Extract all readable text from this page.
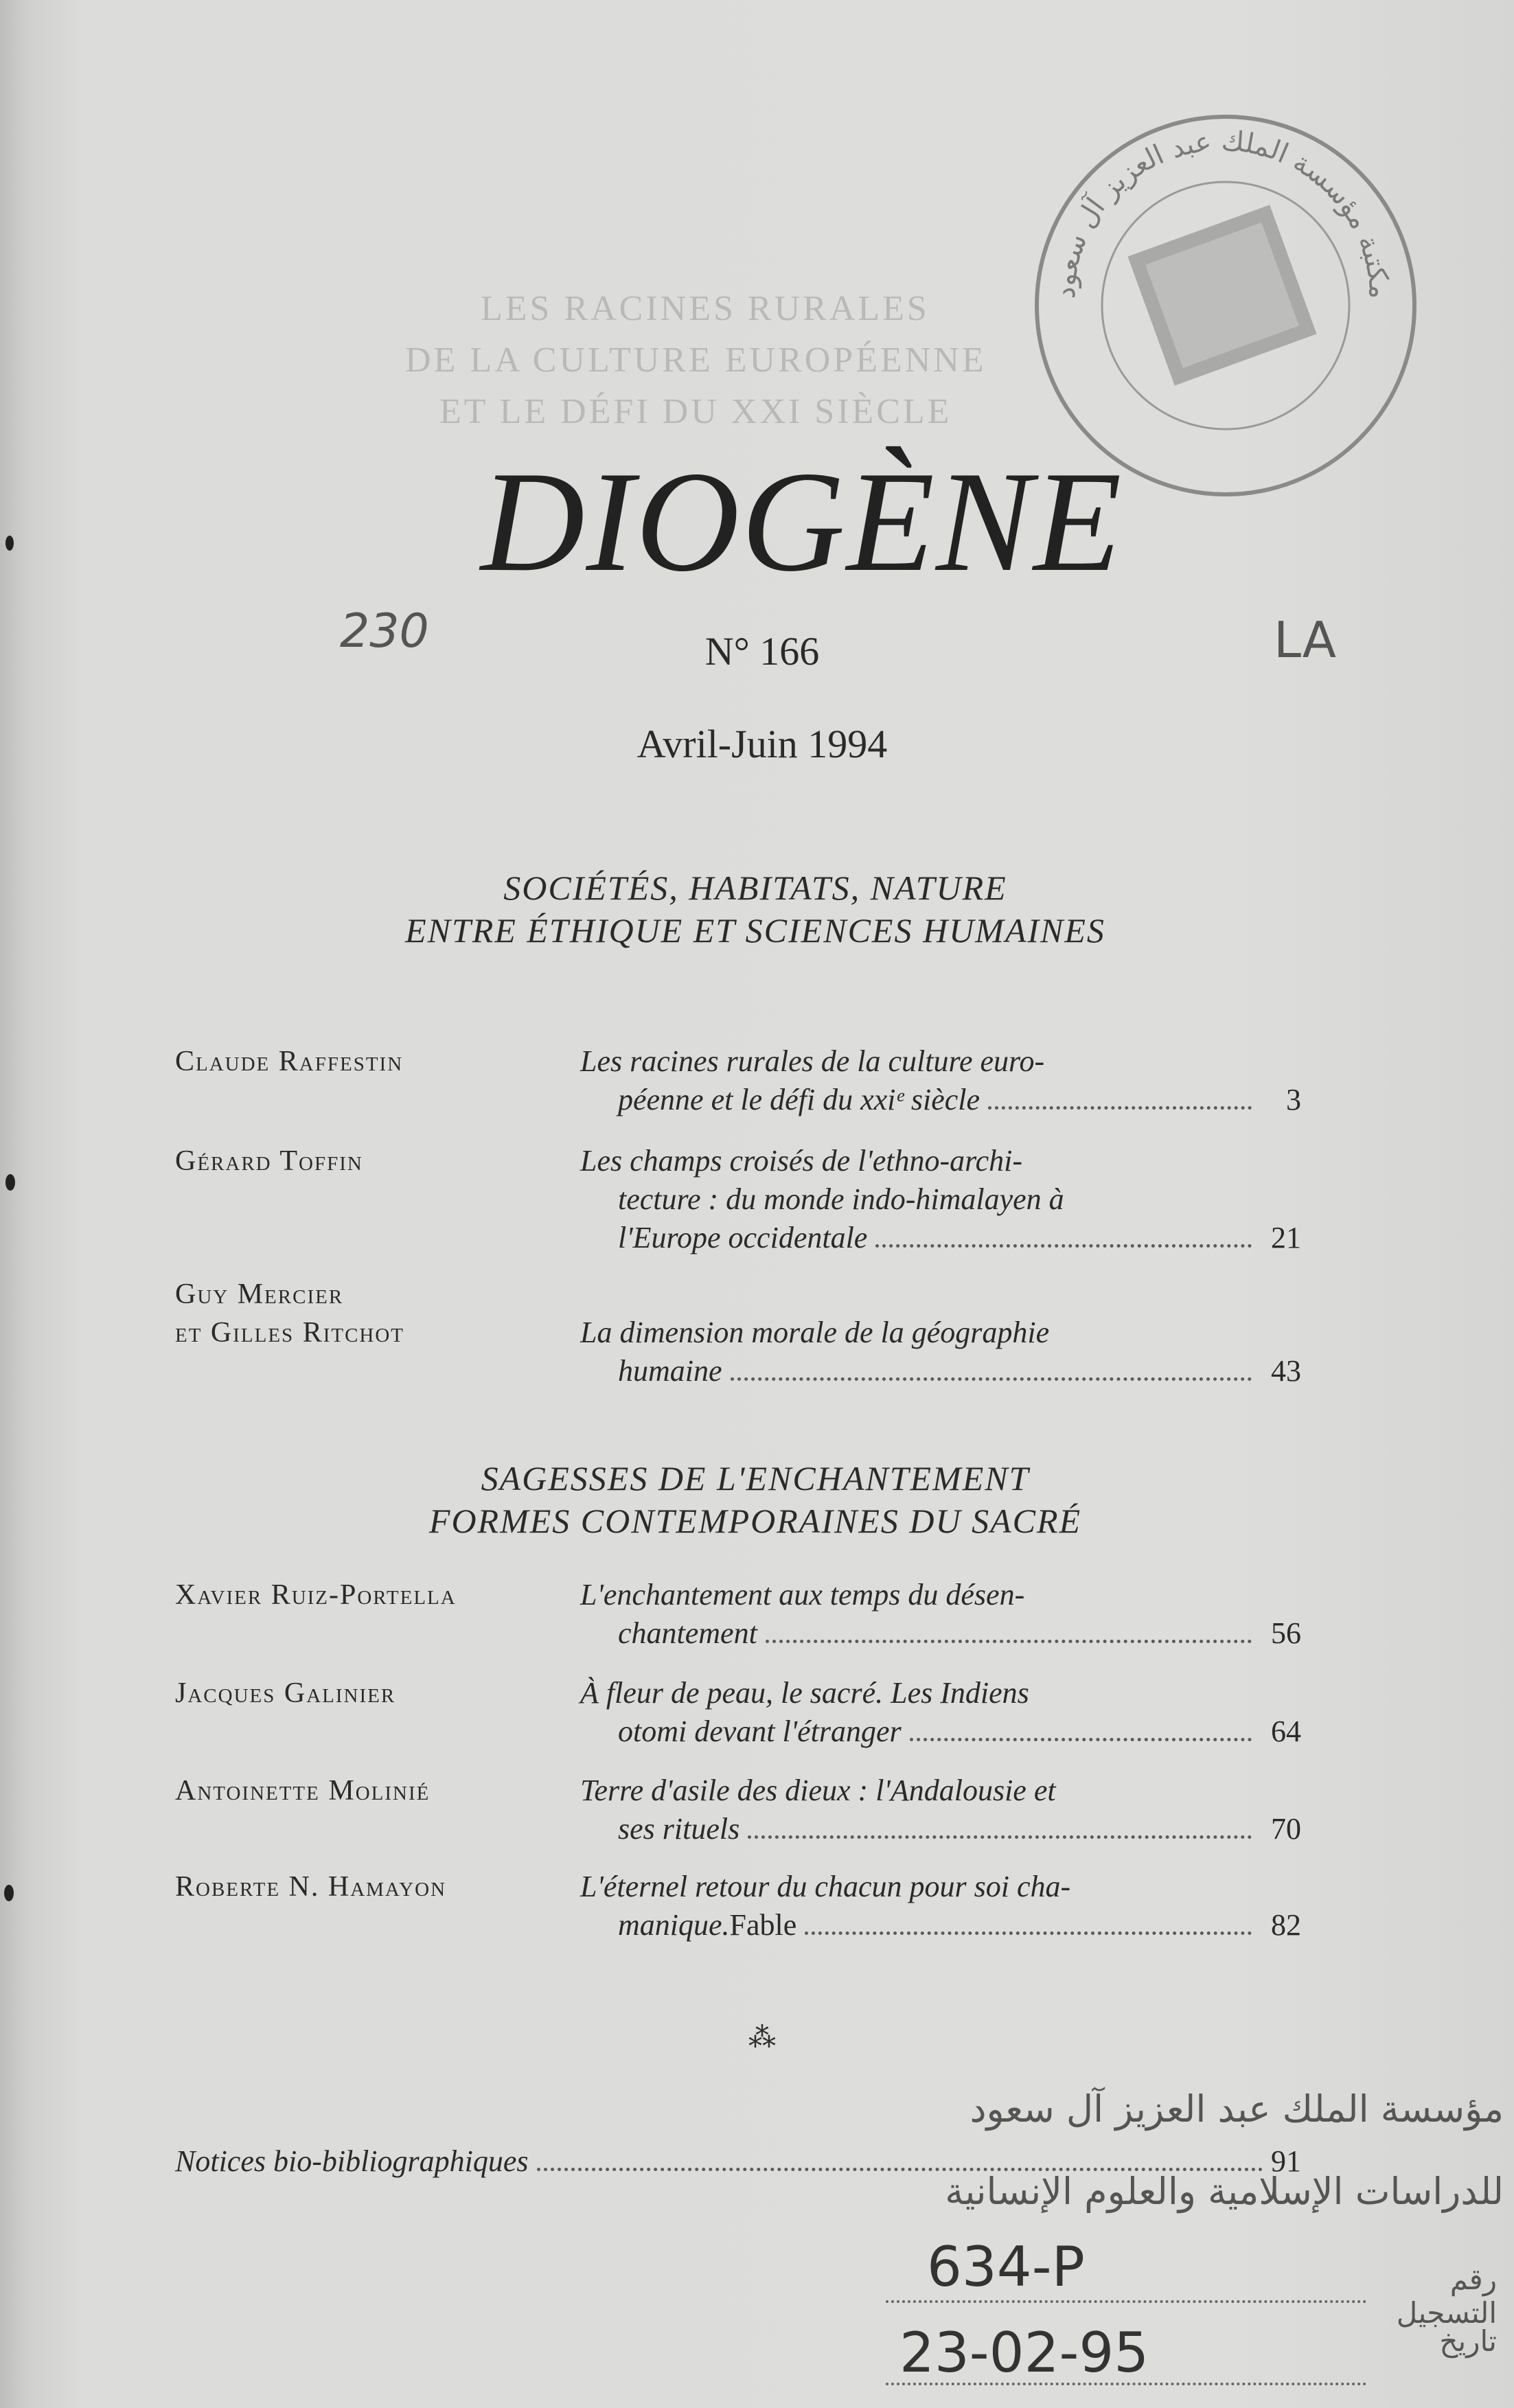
LES RACINES RURALES
DE LA CULTURE EUROPÉENNE
ET LE DÉFI DU XXI SIÈCLE
مكتبة مؤسسة الملك عبد العزيز آل سعود
DIOGÈNE
230	LA
N° 166
Avril-Juin 1994
SOCIÉTÉS, HABITATS, NATURE
ENTRE ÉTHIQUE ET SCIENCES HUMAINES
Claude Raffestin	Les racines rurales de la culture euro-
péenne et le défi du xxiᵉ siècle	3
Gérard Toffin	Les champs croisés de l'ethno-archi-
tecture : du monde indo-himalayen à
l'Europe occidentale	21
Guy Mercier
et Gilles Ritchot	La dimension morale de la géographie
humaine	43
SAGESSES DE L'ENCHANTEMENT
FORMES CONTEMPORAINES DU SACRÉ
Xavier Ruiz-Portella	L'enchantement aux temps du désen-
chantement	56
Jacques Galinier	À fleur de peau, le sacré. Les Indiens
otomi devant l'étranger	64
Antoinette Molinié	Terre d'asile des dieux : l'Andalousie et
ses rituels	70
Roberte N. Hamayon	L'éternel retour du chacun pour soi cha-
manique. Fable	82
⁂
Notices bio-bibliographiques	91
مؤسسة الملك عبد العزيز آل سعود
للدراسات الإسلامية والعلوم الإنسانية
رقم التسجيل
634-P
تاريخ
23-02-95
